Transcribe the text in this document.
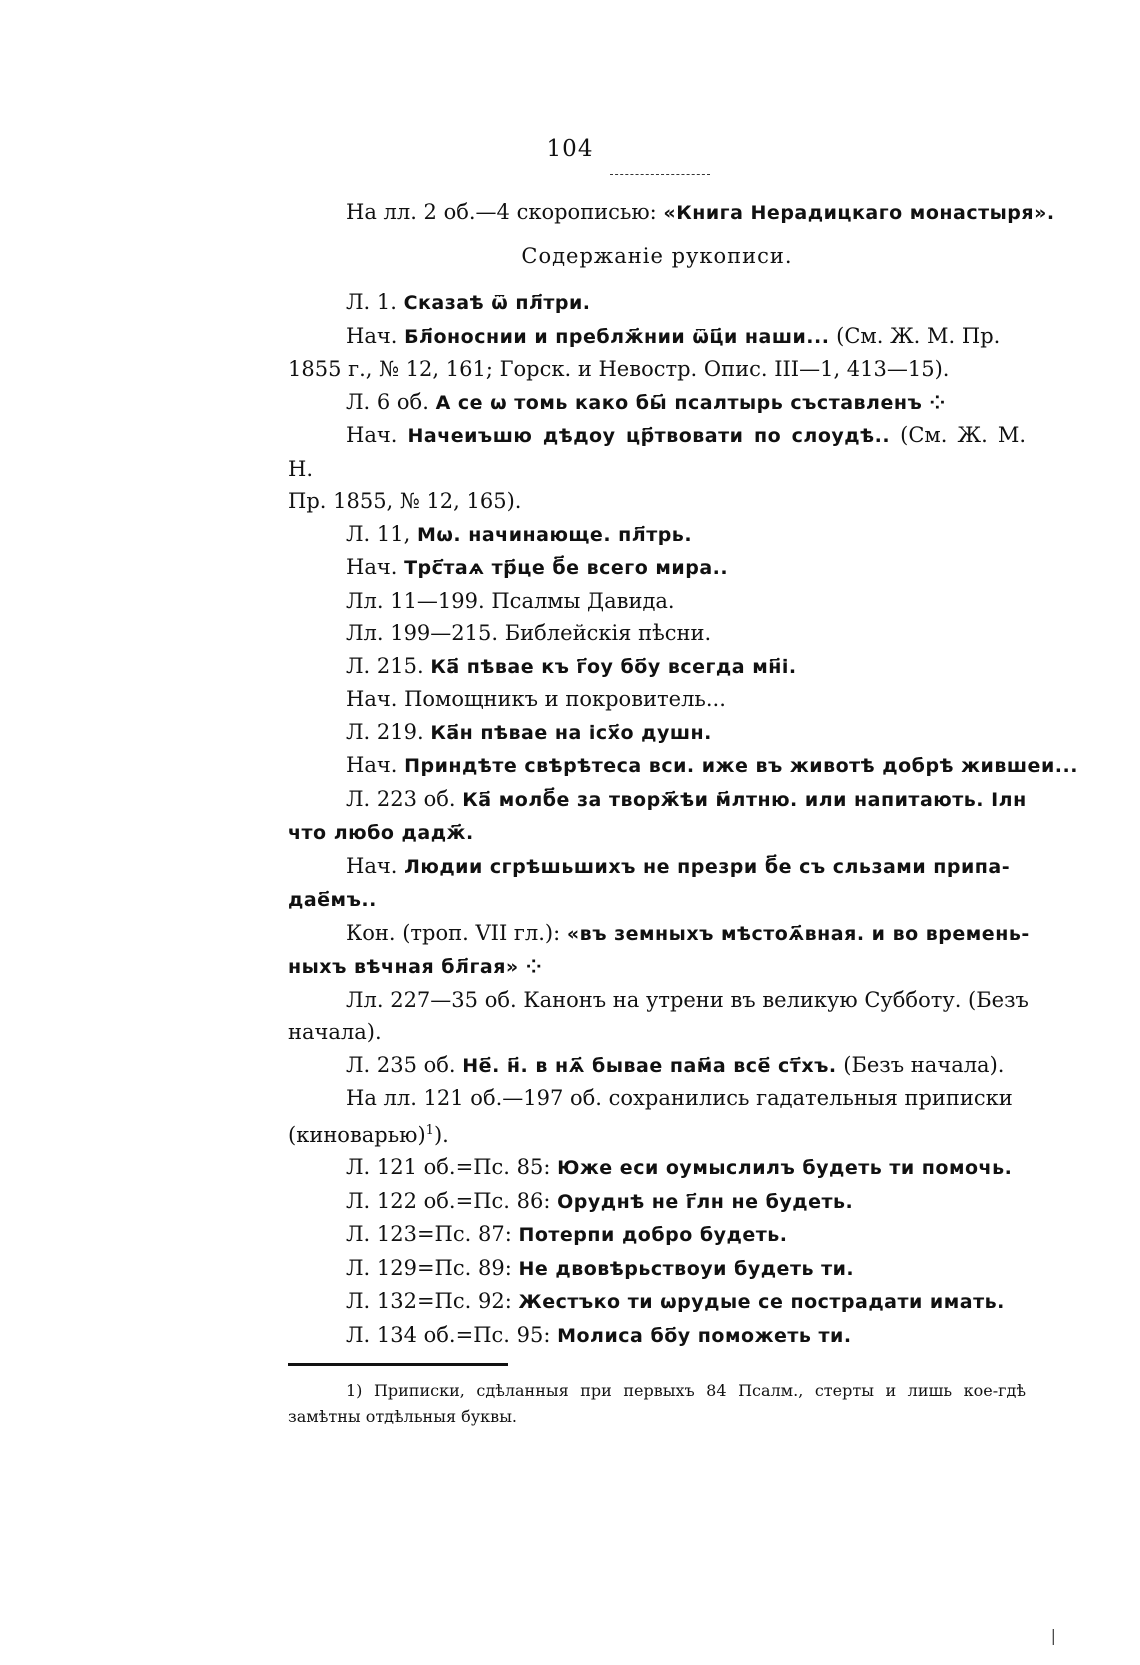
104
На лл. 2 об.—4 скорописью: «Книга Нерадицкаго монастыря».
Содержаніе рукописи.
Л. 1. Сказаѣ ѿ пл҃три.
Нач. Бл҃оноснии и преблж҃нии ѿц҃и наши... (См. Ж. М. Пр.
1855 г., № 12, 161; Горск. и Невостр. Опис. III—1, 413—15).
Л. 6 об. А се ѡ томь како бы҃ псалтырь съставленъ ⁘
Нач. Начеиъшю дѣдоу цр҃твовати по слоудѣ.. (См. Ж. М. Н.
Пр. 1855, № 12, 165).
Л. 11, Мѡ. начинающе. пл҃трь.
Нач. Трс҃таѧ тр҃це б҃е всего мира..
Лл. 11—199. Псалмы Давида.
Лл. 199—215. Библейскія пѣсни.
Л. 215. Ка҃ пѣвае къ г҃оу бо҃у всегда мн҃і.
Нач. Помощникъ и покровитель...
Л. 219. Ка҃н пѣвае на ісх҃о душн.
Нач. Приндѣте свѣрѣтеса вси. иже въ животѣ добрѣ жившеи...
Л. 223 об. Ка҃ молб҃е за творж҃ѣи м҃лтню. или напитають. Ілн
что любо дадж҃.
Нач. Людии сгрѣшьшихъ не презри б҃е съ сльзами припа-
дае҃мъ..
Кон. (троп. VII гл.): «въ земныхъ мѣстоѧ҃вная. и во времень-
ныхъ вѣчная бл҃гая» ⁘
Лл. 227—35 об. Канонъ на утрени въ великую Субботу. (Безъ
начала).
Л. 235 об. Не҃. н҃. в нѧ҃ бывае пам҃а все҃ ст҃хъ. (Безъ начала).
На лл. 121 об.—197 об. сохранились гадательныя приписки
(киноварью)$^1$).
Л. 121 об.=Пс. 85: Юже еси оумыслилъ будеть ти помочь.
Л. 122 об.=Пс. 86: Оруднѣ не г҃лн не будеть.
Л. 123=Пс. 87: Потерпи добро будеть.
Л. 129=Пс. 89: Не двовѣрьствоуи будеть ти.
Л. 132=Пс. 92: Жестъко ти ѡрудые се пострадати имать.
Л. 134 об.=Пс. 95: Молиса бо҃у поможеть ти.
1) Приписки, сдѣланныя при первыхъ 84 Псалм., стерты и лишь кое-гдѣ замѣтны отдѣльныя буквы.
|
